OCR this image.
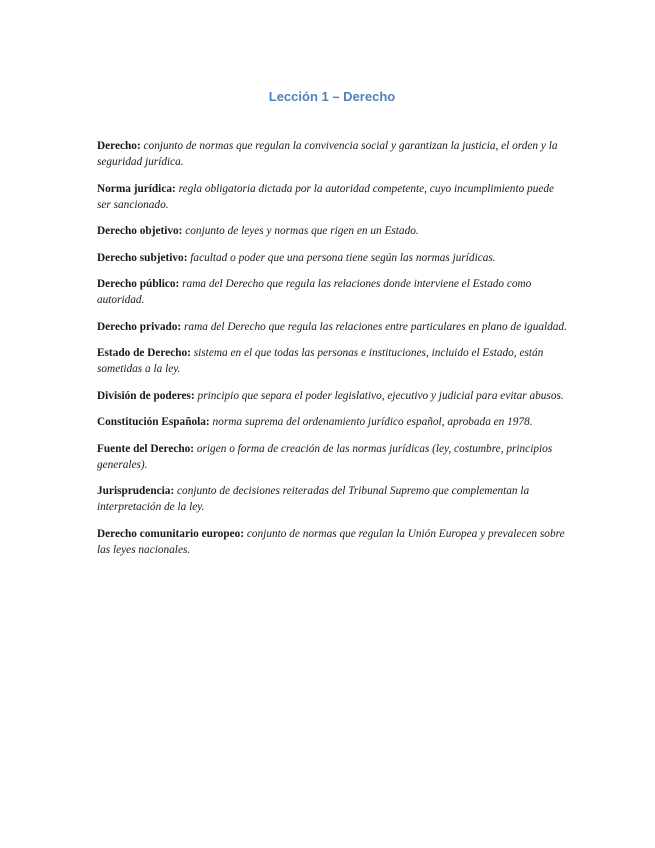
Lección 1 – Derecho

Derecho: conjunto de normas que regulan la convivencia social y garantizan la justicia, el orden y la seguridad jurídica.

Norma jurídica: regla obligatoria dictada por la autoridad competente, cuyo incumplimiento puede ser sancionado.

Derecho objetivo: conjunto de leyes y normas que rigen en un Estado.

Derecho subjetivo: facultad o poder que una persona tiene según las normas jurídicas.

Derecho público: rama del Derecho que regula las relaciones donde interviene el Estado como autoridad.

Derecho privado: rama del Derecho que regula las relaciones entre particulares en plano de igualdad.

Estado de Derecho: sistema en el que todas las personas e instituciones, incluido el Estado, están sometidas a la ley.

División de poderes: principio que separa el poder legislativo, ejecutivo y judicial para evitar abusos.

Constitución Española: norma suprema del ordenamiento jurídico español, aprobada en 1978.

Fuente del Derecho: origen o forma de creación de las normas jurídicas (ley, costumbre, principios generales).

Jurisprudencia: conjunto de decisiones reiteradas del Tribunal Supremo que complementan la interpretación de la ley.

Derecho comunitario europeo: conjunto de normas que regulan la Unión Europea y prevalecen sobre las leyes nacionales.
